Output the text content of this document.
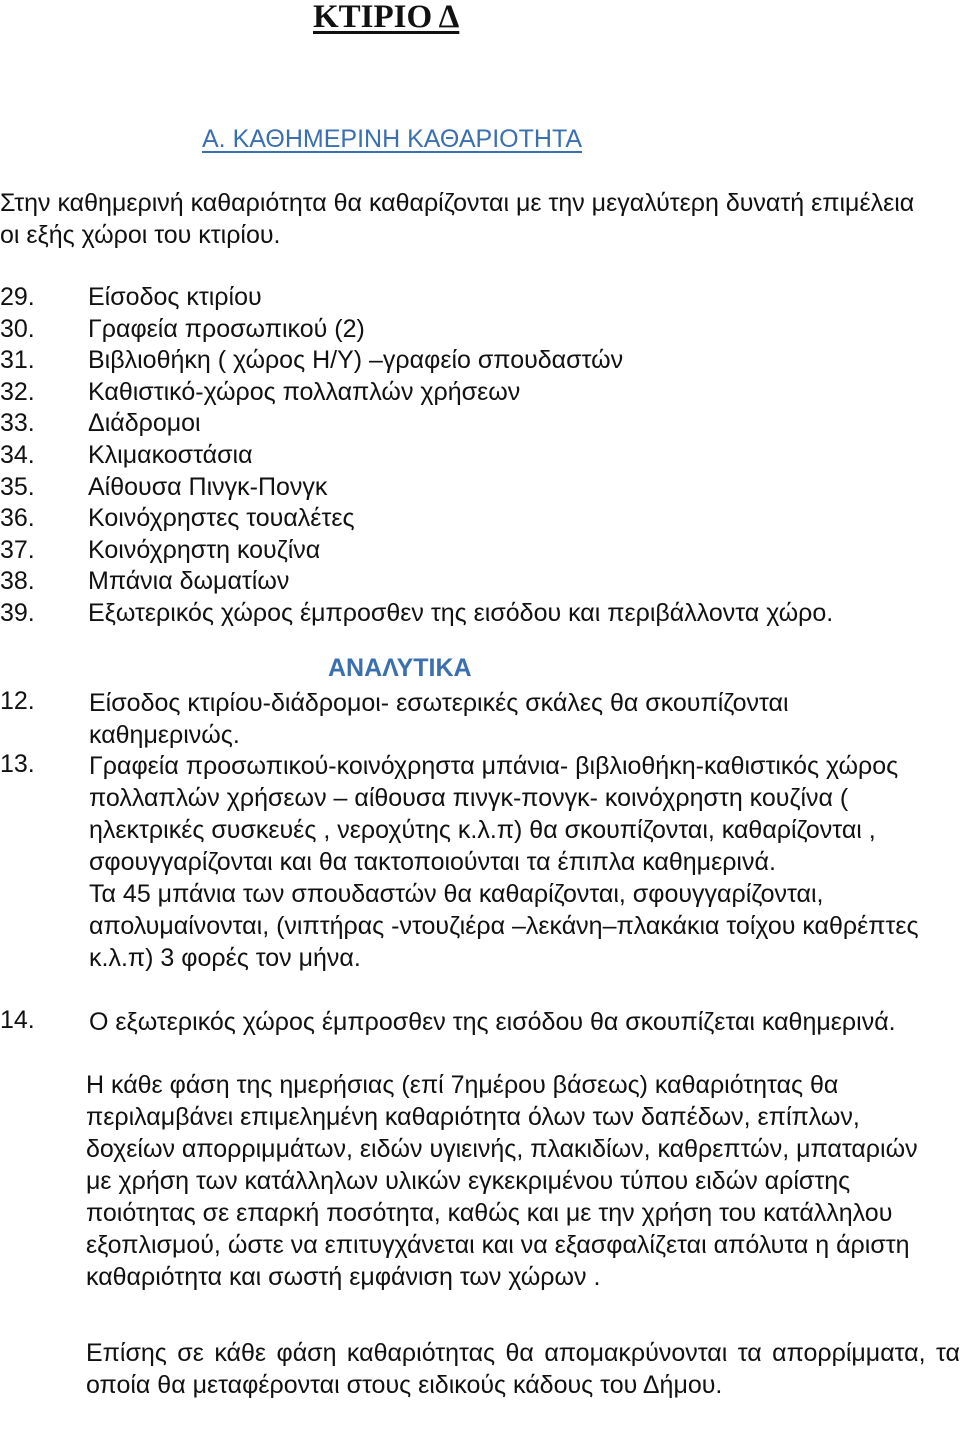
ΚΤΙΡΙΟ Δ
Α. ΚΑΘΗΜΕΡΙΝΗ ΚΑΘΑΡΙΟΤΗΤΑ

Στην καθημερινή καθαριότητα θα καθαρίζονται με την μεγαλύτερη δυνατή επιμέλεια οι εξής χώροι του κτιρίου.

29. Είσοδος κτιρίου
30. Γραφεία προσωπικού (2)
31. Βιβλιοθήκη ( χώρος Η/Υ) –γραφείο σπουδαστών
32. Καθιστικό-χώρος πολλαπλών χρήσεων
33. Διάδρομοι
34. Κλιμακοστάσια
35. Αίθουσα Πινγκ-Πονγκ
36. Κοινόχρηστες τουαλέτες
37. Κοινόχρηστη κουζίνα
38. Μπάνια δωματίων
39. Εξωτερικός χώρος έμπροσθεν της εισόδου και περιβάλλοντα χώρο.
ΑΝΑΛΥΤΙΚΑ
12. Είσοδος κτιρίου-διάδρομοι- εσωτερικές σκάλες θα σκουπίζονται καθημερινώς.
13. Γραφεία προσωπικού-κοινόχρηστα μπάνια- βιβλιοθήκη-καθιστικός χώρος πολλαπλών χρήσεων – αίθουσα πινγκ-πονγκ- κοινόχρηστη κουζίνα ( ηλεκτρικές συσκευές , νεροχύτης κ.λ.π) θα σκουπίζονται, καθαρίζονται , σφουγγαρίζονται και θα τακτοποιούνται τα έπιπλα καθημερινά.
Τα 45 μπάνια των σπουδαστών θα καθαρίζονται, σφουγγαρίζονται, απολυμαίνονται, (νιπτήρας -ντουζιέρα –λεκάνη–πλακάκια τοίχου καθρέπτες κ.λ.π) 3 φορές τον μήνα.
14. Ο εξωτερικός χώρος έμπροσθεν της εισόδου θα σκουπίζεται καθημερινά.

Η κάθε φάση της ημερήσιας (επί 7ημέρου βάσεως) καθαριότητας θα περιλαμβάνει επιμελημένη καθαριότητα όλων των δαπέδων, επίπλων, δοχείων απορριμμάτων, ειδών υγιεινής, πλακιδίων, καθρεπτών, μπαταριών με χρήση των κατάλληλων υλικών εγκεκριμένου τύπου ειδών αρίστης ποιότητας σε επαρκή ποσότητα, καθώς και με την χρήση του κατάλληλου εξοπλισμού, ώστε να επιτυγχάνεται και να εξασφαλίζεται απόλυτα η άριστη καθαριότητα και σωστή εμφάνιση των χώρων .

Επίσης σε κάθε φάση καθαριότητας θα απομακρύνονται τα απορρίμματα, τα οποία θα μεταφέρονται στους ειδικούς κάδους του Δήμου.
